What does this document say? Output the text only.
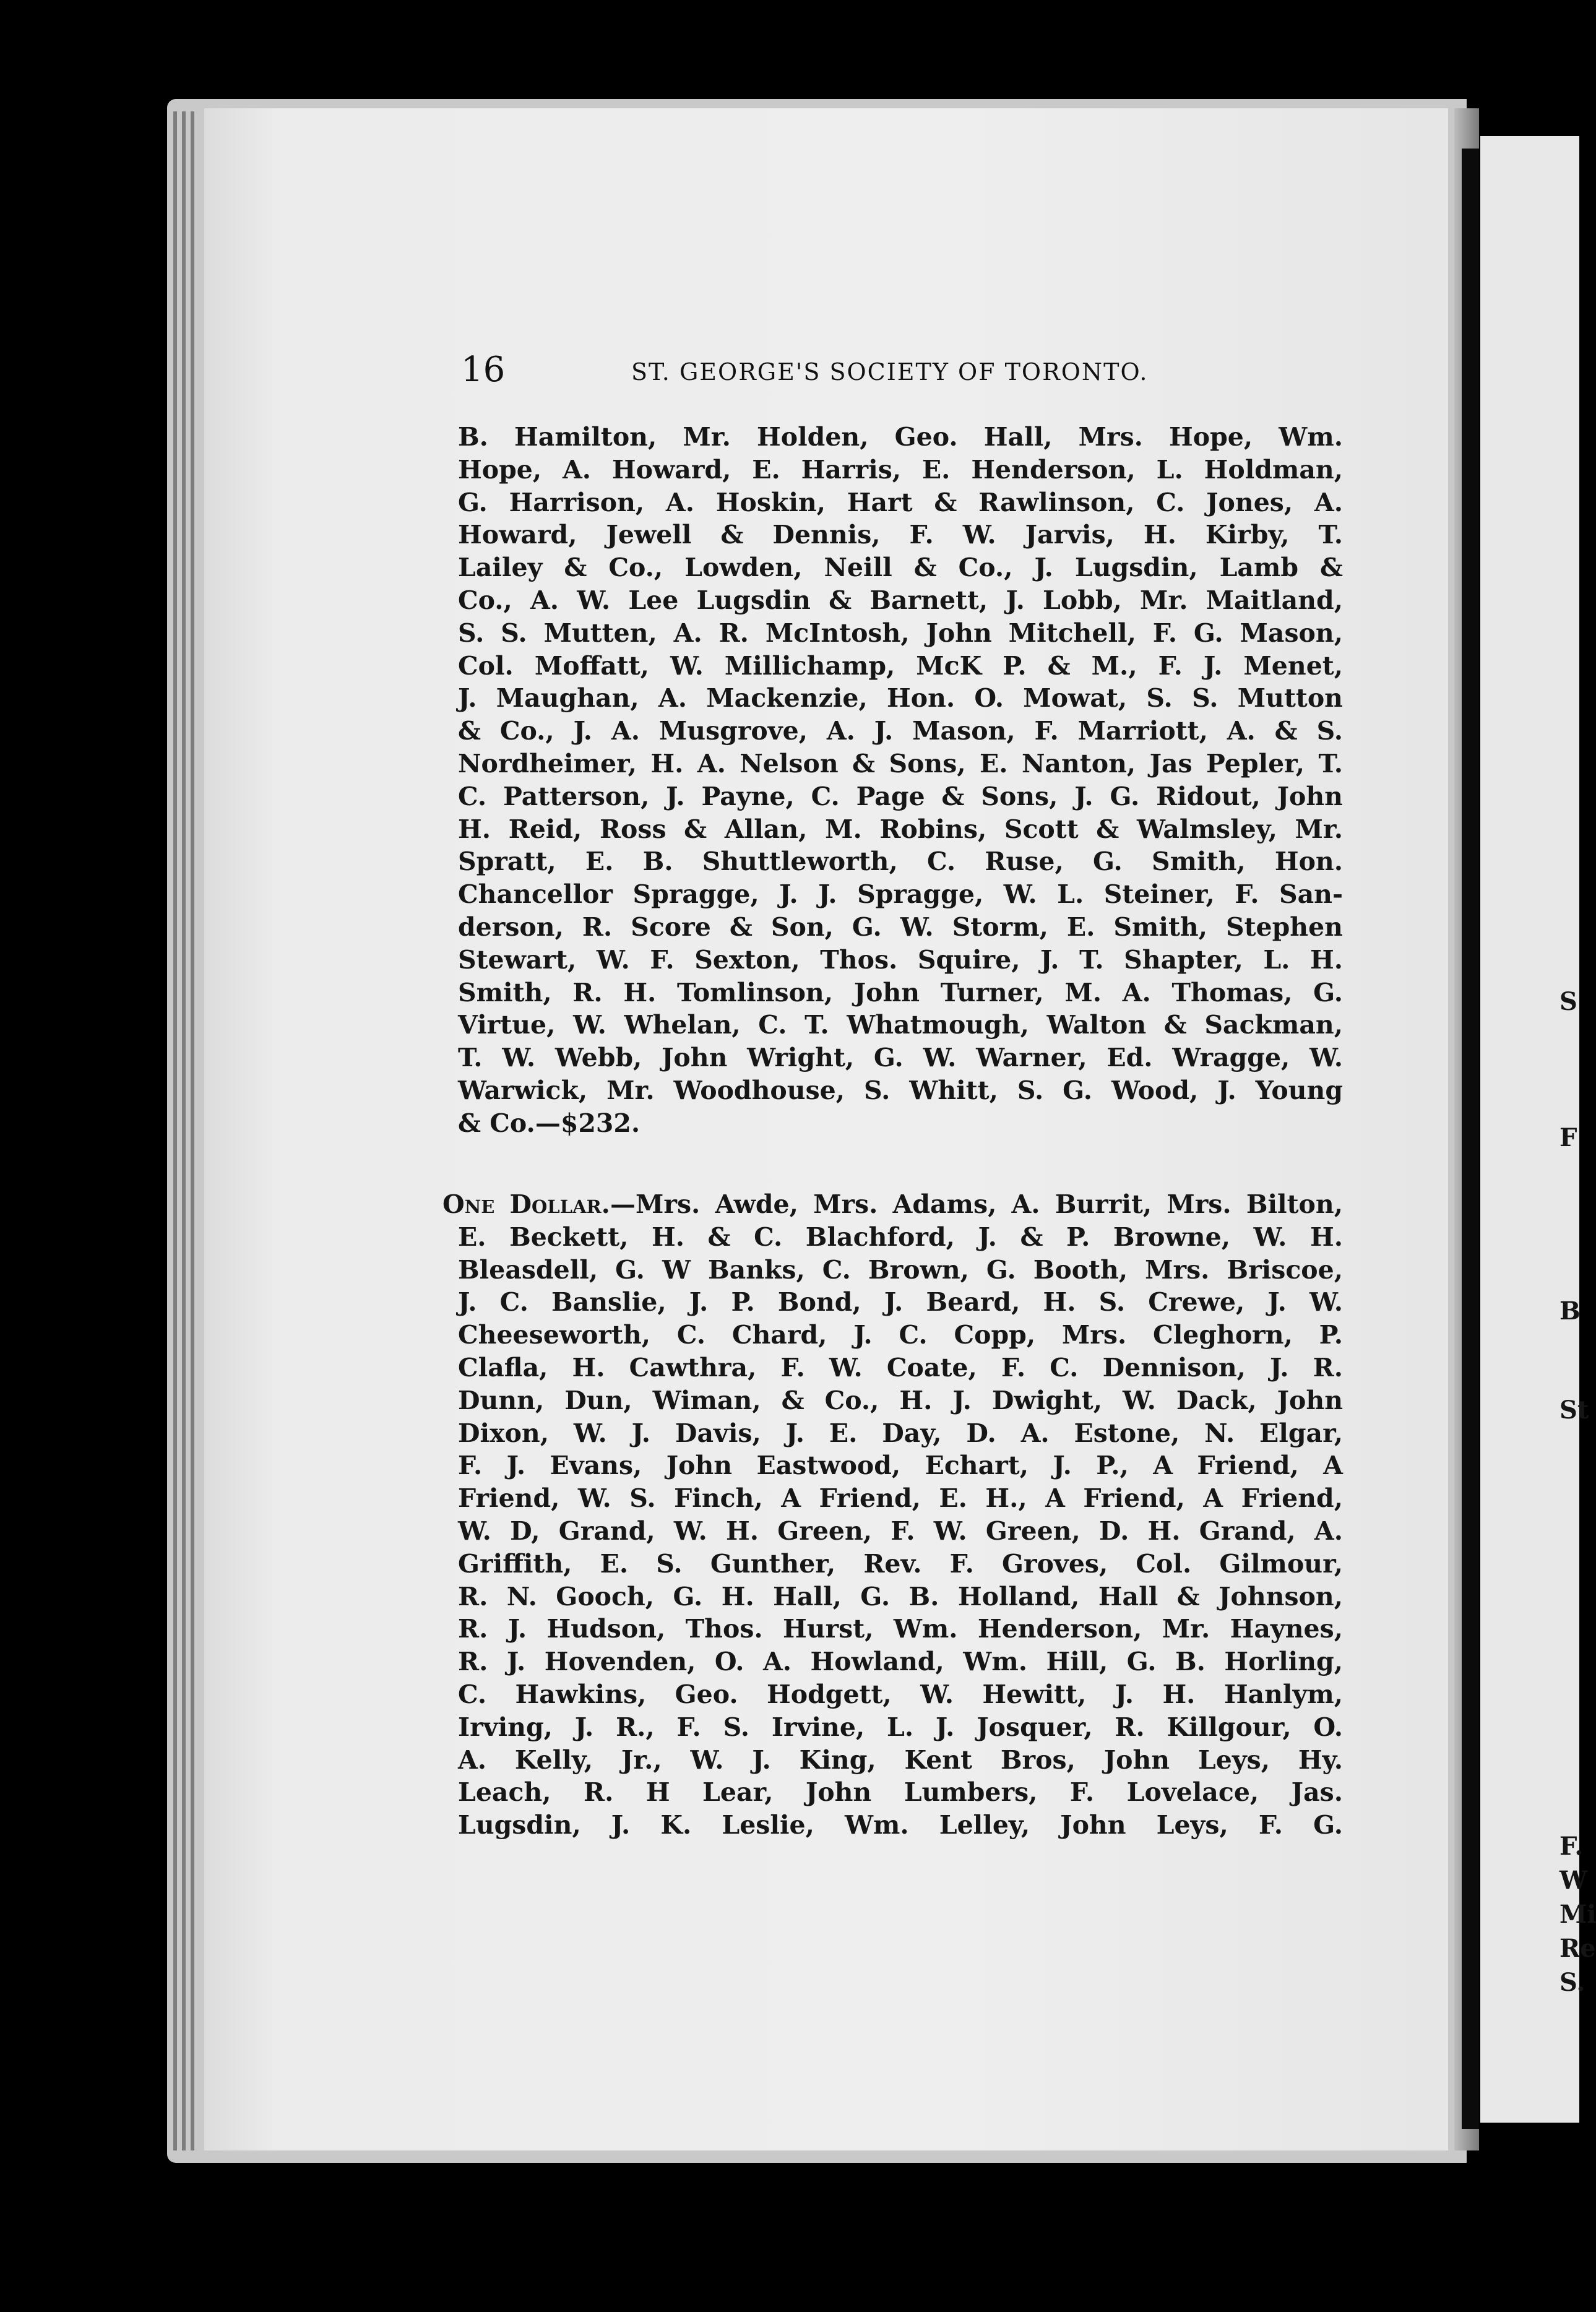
S

F

B

St

F.

W

Mi

Re

S.

16	ST. GEORGE'S SOCIETY OF TORONTO.
B. Hamilton, Mr. Holden, Geo. Hall, Mrs. Hope, Wm.
Hope, A. Howard, E. Harris, E. Henderson, L. Holdman,
G. Harrison, A. Hoskin, Hart & Rawlinson, C. Jones, A.
Howard, Jewell & Dennis, F. W. Jarvis, H. Kirby, T.
Lailey & Co., Lowden, Neill & Co., J. Lugsdin, Lamb &
Co., A. W. Lee Lugsdin & Barnett, J. Lobb, Mr. Maitland,
S. S. Mutten, A. R. McIntosh, John Mitchell, F. G. Mason,
Col. Moffatt, W. Millichamp, McK P. & M., F. J. Menet,
J. Maughan, A. Mackenzie, Hon. O. Mowat, S. S. Mutton
& Co., J. A. Musgrove, A. J. Mason, F. Marriott, A. & S.
Nordheimer, H. A. Nelson & Sons, E. Nanton, Jas Pepler, T.
C. Patterson, J. Payne, C. Page & Sons, J. G. Ridout, John
H. Reid, Ross & Allan, M. Robins, Scott & Walmsley, Mr.
Spratt, E. B. Shuttleworth, C. Ruse, G. Smith, Hon.
Chancellor Spragge, J. J. Spragge, W. L. Steiner, F. San-
derson, R. Score & Son, G. W. Storm, E. Smith, Stephen
Stewart, W. F. Sexton, Thos. Squire, J. T. Shapter, L. H.
Smith, R. H. Tomlinson, John Turner, M. A. Thomas, G.
Virtue, W. Whelan, C. T. Whatmough, Walton & Sackman,
T. W. Webb, John Wright, G. W. Warner, Ed. Wragge, W.
Warwick, Mr. Woodhouse, S. Whitt, S. G. Wood, J. Young
& Co.—$232.
One Dollar.—Mrs. Awde, Mrs. Adams, A. Burrit, Mrs. Bilton,
E. Beckett, H. & C. Blachford, J. & P. Browne, W. H.
Bleasdell, G. W Banks, C. Brown, G. Booth, Mrs. Briscoe,
J. C. Banslie, J. P. Bond, J. Beard, H. S. Crewe, J. W.
Cheeseworth, C. Chard, J. C. Copp, Mrs. Cleghorn, P.
Clafla, H. Cawthra, F. W. Coate, F. C. Dennison, J. R.
Dunn, Dun, Wiman, & Co., H. J. Dwight, W. Dack, John
Dixon, W. J. Davis, J. E. Day, D. A. Estone, N. Elgar,
F. J. Evans, John Eastwood, Echart, J. P., A Friend, A
Friend, W. S. Finch, A Friend, E. H., A Friend, A Friend,
W. D, Grand, W. H. Green, F. W. Green, D. H. Grand, A.
Griffith, E. S. Gunther, Rev. F. Groves, Col. Gilmour,
R. N. Gooch, G. H. Hall, G. B. Holland, Hall & Johnson,
R. J. Hudson, Thos. Hurst, Wm. Henderson, Mr. Haynes,
R. J. Hovenden, O. A. Howland, Wm. Hill, G. B. Horling,
C. Hawkins, Geo. Hodgett, W. Hewitt, J. H. Hanlym,
Irving, J. R., F. S. Irvine, L. J. Josquer, R. Killgour, O.
A. Kelly, Jr., W. J. King, Kent Bros, John Leys, Hy.
Leach, R. H Lear, John Lumbers, F. Lovelace, Jas.
Lugsdin, J. K. Leslie, Wm. Lelley, John Leys, F. G.
